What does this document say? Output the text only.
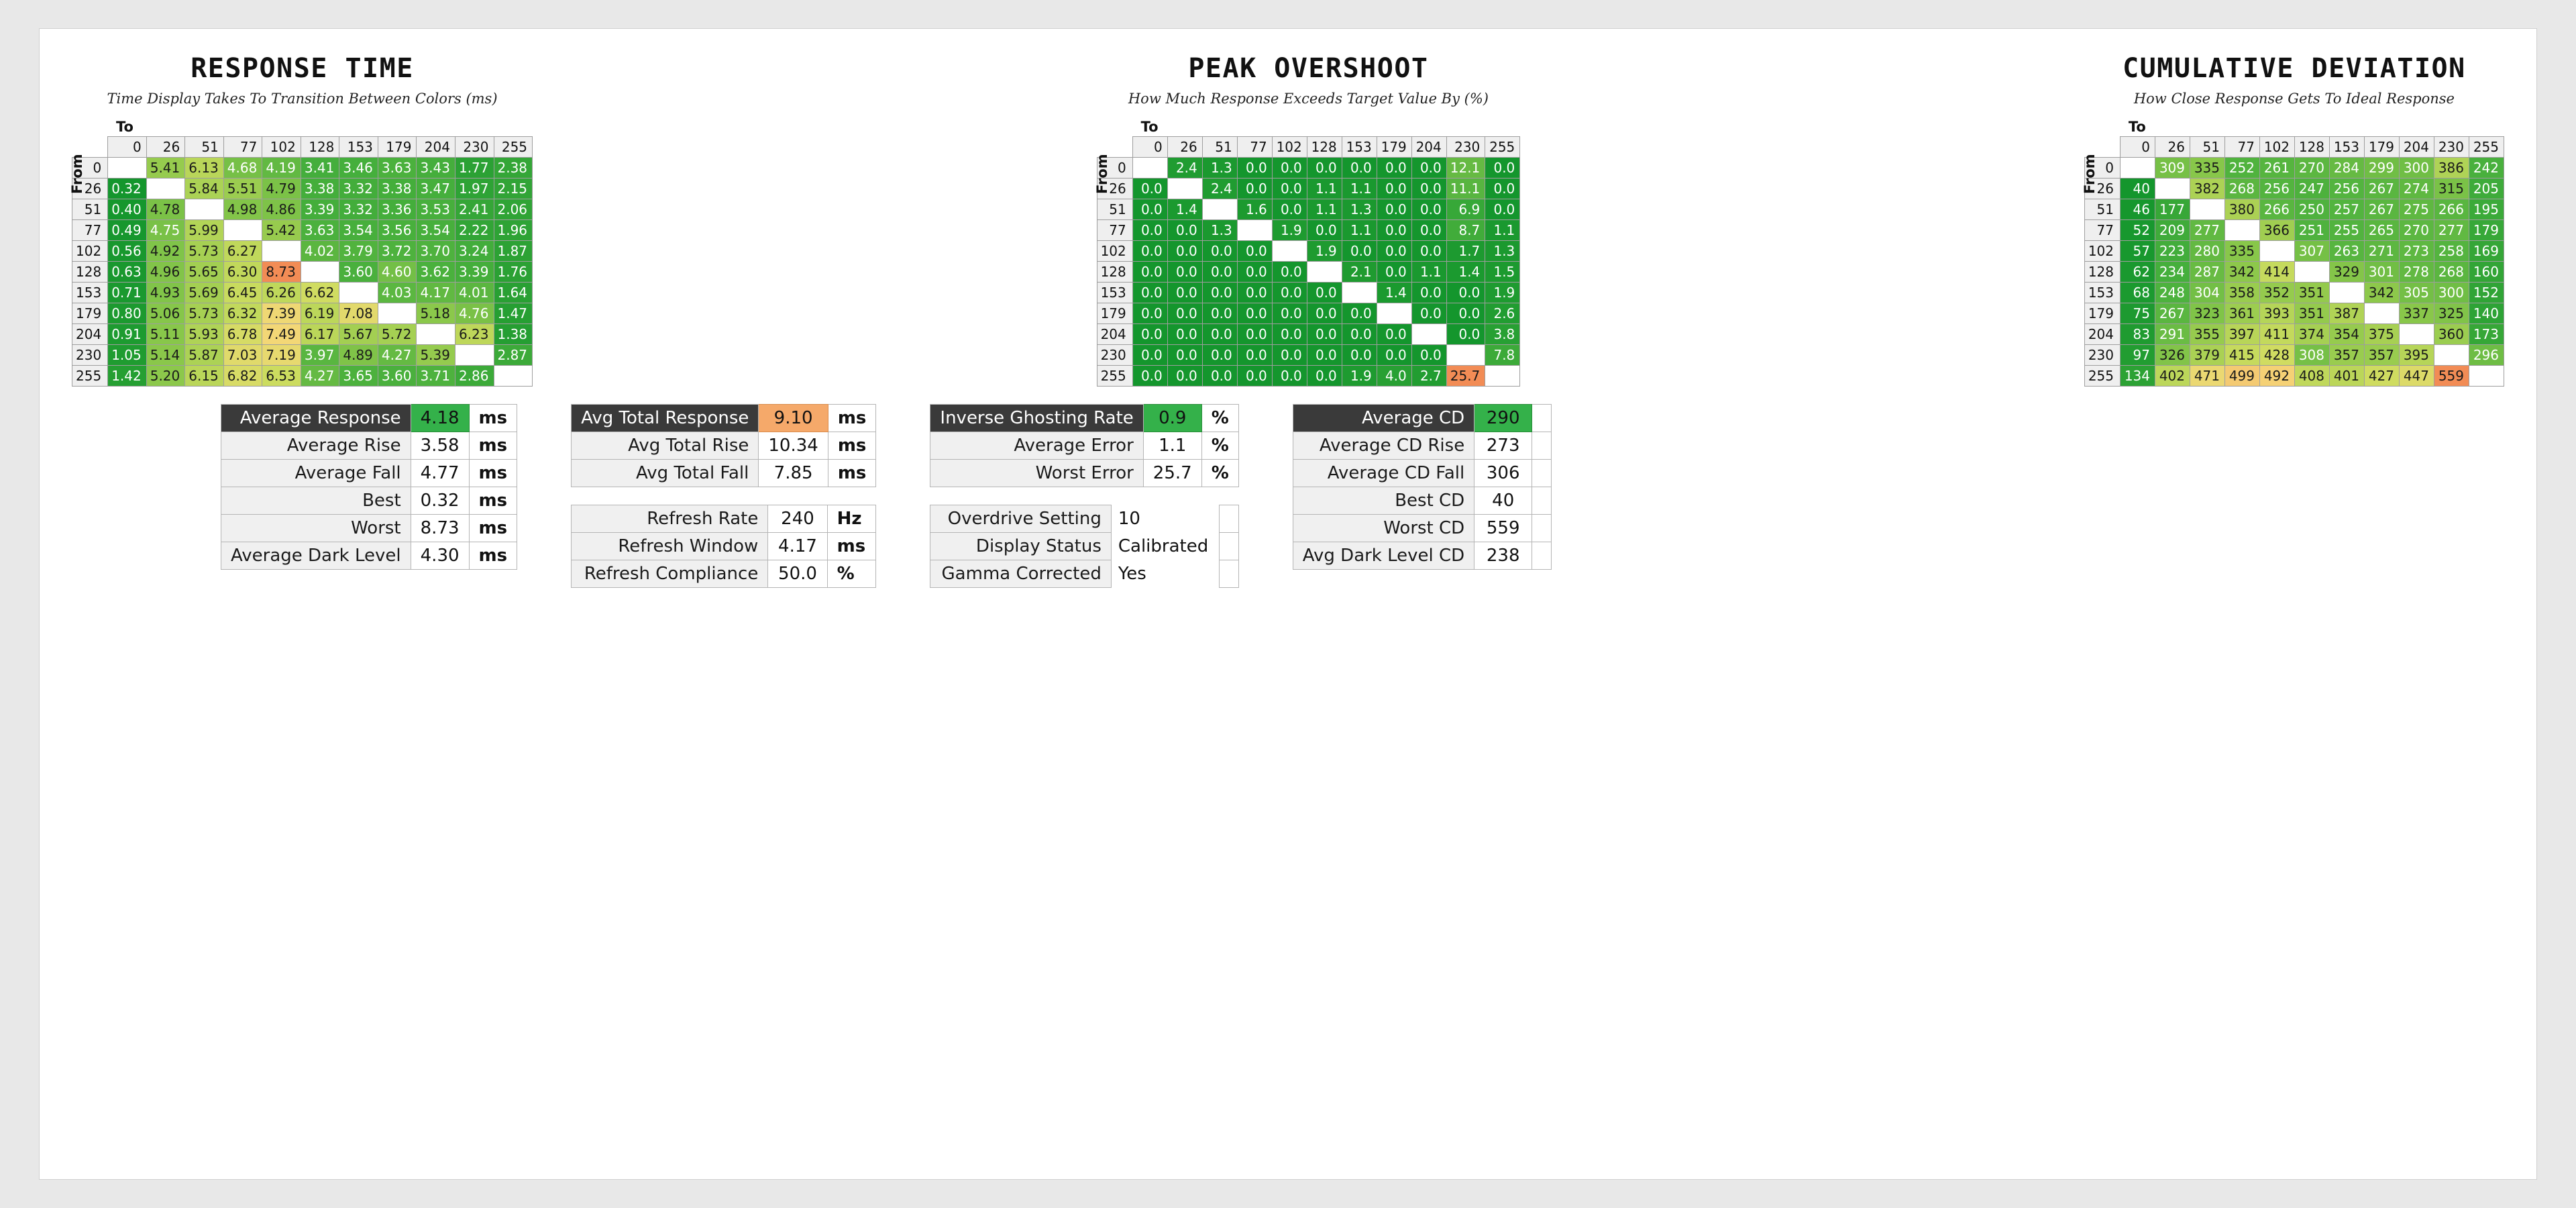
RESPONSE TIME
Time Display Takes To Transition Between Colors (ms)
To
From
	0	26	51	77	102	128	153	179	204	230	255
0		5.41	6.13	4.68	4.19	3.41	3.46	3.63	3.43	1.77	2.38
26	0.32		5.84	5.51	4.79	3.38	3.32	3.38	3.47	1.97	2.15
51	0.40	4.78		4.98	4.86	3.39	3.32	3.36	3.53	2.41	2.06
77	0.49	4.75	5.99		5.42	3.63	3.54	3.56	3.54	2.22	1.96
102	0.56	4.92	5.73	6.27		4.02	3.79	3.72	3.70	3.24	1.87
128	0.63	4.96	5.65	6.30	8.73		3.60	4.60	3.62	3.39	1.76
153	0.71	4.93	5.69	6.45	6.26	6.62		4.03	4.17	4.01	1.64
179	0.80	5.06	5.73	6.32	7.39	6.19	7.08		5.18	4.76	1.47
204	0.91	5.11	5.93	6.78	7.49	6.17	5.67	5.72		6.23	1.38
230	1.05	5.14	5.87	7.03	7.19	3.97	4.89	4.27	5.39		2.87
255	1.42	5.20	6.15	6.82	6.53	4.27	3.65	3.60	3.71	2.86	
PEAK OVERSHOOT
How Much Response Exceeds Target Value By (%)
To
From
	0	26	51	77	102	128	153	179	204	230	255
0		2.4	1.3	0.0	0.0	0.0	0.0	0.0	0.0	12.1	0.0
26	0.0		2.4	0.0	0.0	1.1	1.1	0.0	0.0	11.1	0.0
51	0.0	1.4		1.6	0.0	1.1	1.3	0.0	0.0	6.9	0.0
77	0.0	0.0	1.3		1.9	0.0	1.1	0.0	0.0	8.7	1.1
102	0.0	0.0	0.0	0.0		1.9	0.0	0.0	0.0	1.7	1.3
128	0.0	0.0	0.0	0.0	0.0		2.1	0.0	1.1	1.4	1.5
153	0.0	0.0	0.0	0.0	0.0	0.0		1.4	0.0	0.0	1.9
179	0.0	0.0	0.0	0.0	0.0	0.0	0.0		0.0	0.0	2.6
204	0.0	0.0	0.0	0.0	0.0	0.0	0.0	0.0		0.0	3.8
230	0.0	0.0	0.0	0.0	0.0	0.0	0.0	0.0	0.0		7.8
255	0.0	0.0	0.0	0.0	0.0	0.0	1.9	4.0	2.7	25.7	
CUMULATIVE DEVIATION
How Close Response Gets To Ideal Response
To
From
	0	26	51	77	102	128	153	179	204	230	255
0		309	335	252	261	270	284	299	300	386	242
26	40		382	268	256	247	256	267	274	315	205
51	46	177		380	266	250	257	267	275	266	195
77	52	209	277		366	251	255	265	270	277	179
102	57	223	280	335		307	263	271	273	258	169
128	62	234	287	342	414		329	301	278	268	160
153	68	248	304	358	352	351		342	305	300	152
179	75	267	323	361	393	351	387		337	325	140
204	83	291	355	397	411	374	354	375		360	173
230	97	326	379	415	428	308	357	357	395		296
255	134	402	471	499	492	408	401	427	447	559	
Average Response	4.18	ms
Average Rise	3.58	ms
Average Fall	4.77	ms
Best	0.32	ms
Worst	8.73	ms
Average Dark Level	4.30	ms
Avg Total Response	9.10	ms
Avg Total Rise	10.34	ms
Avg Total Fall	7.85	ms
Refresh Rate	240	Hz
Refresh Window	4.17	ms
Refresh Compliance	50.0	%
Inverse Ghosting Rate	0.9	%
Average Error	1.1	%
Worst Error	25.7	%
Overdrive Setting	10	
Display Status	Calibrated	
Gamma Corrected	Yes	
Average CD	290	
Average CD Rise	273	
Average CD Fall	306	
Best CD	40	
Worst CD	559	
Avg Dark Level CD	238	
